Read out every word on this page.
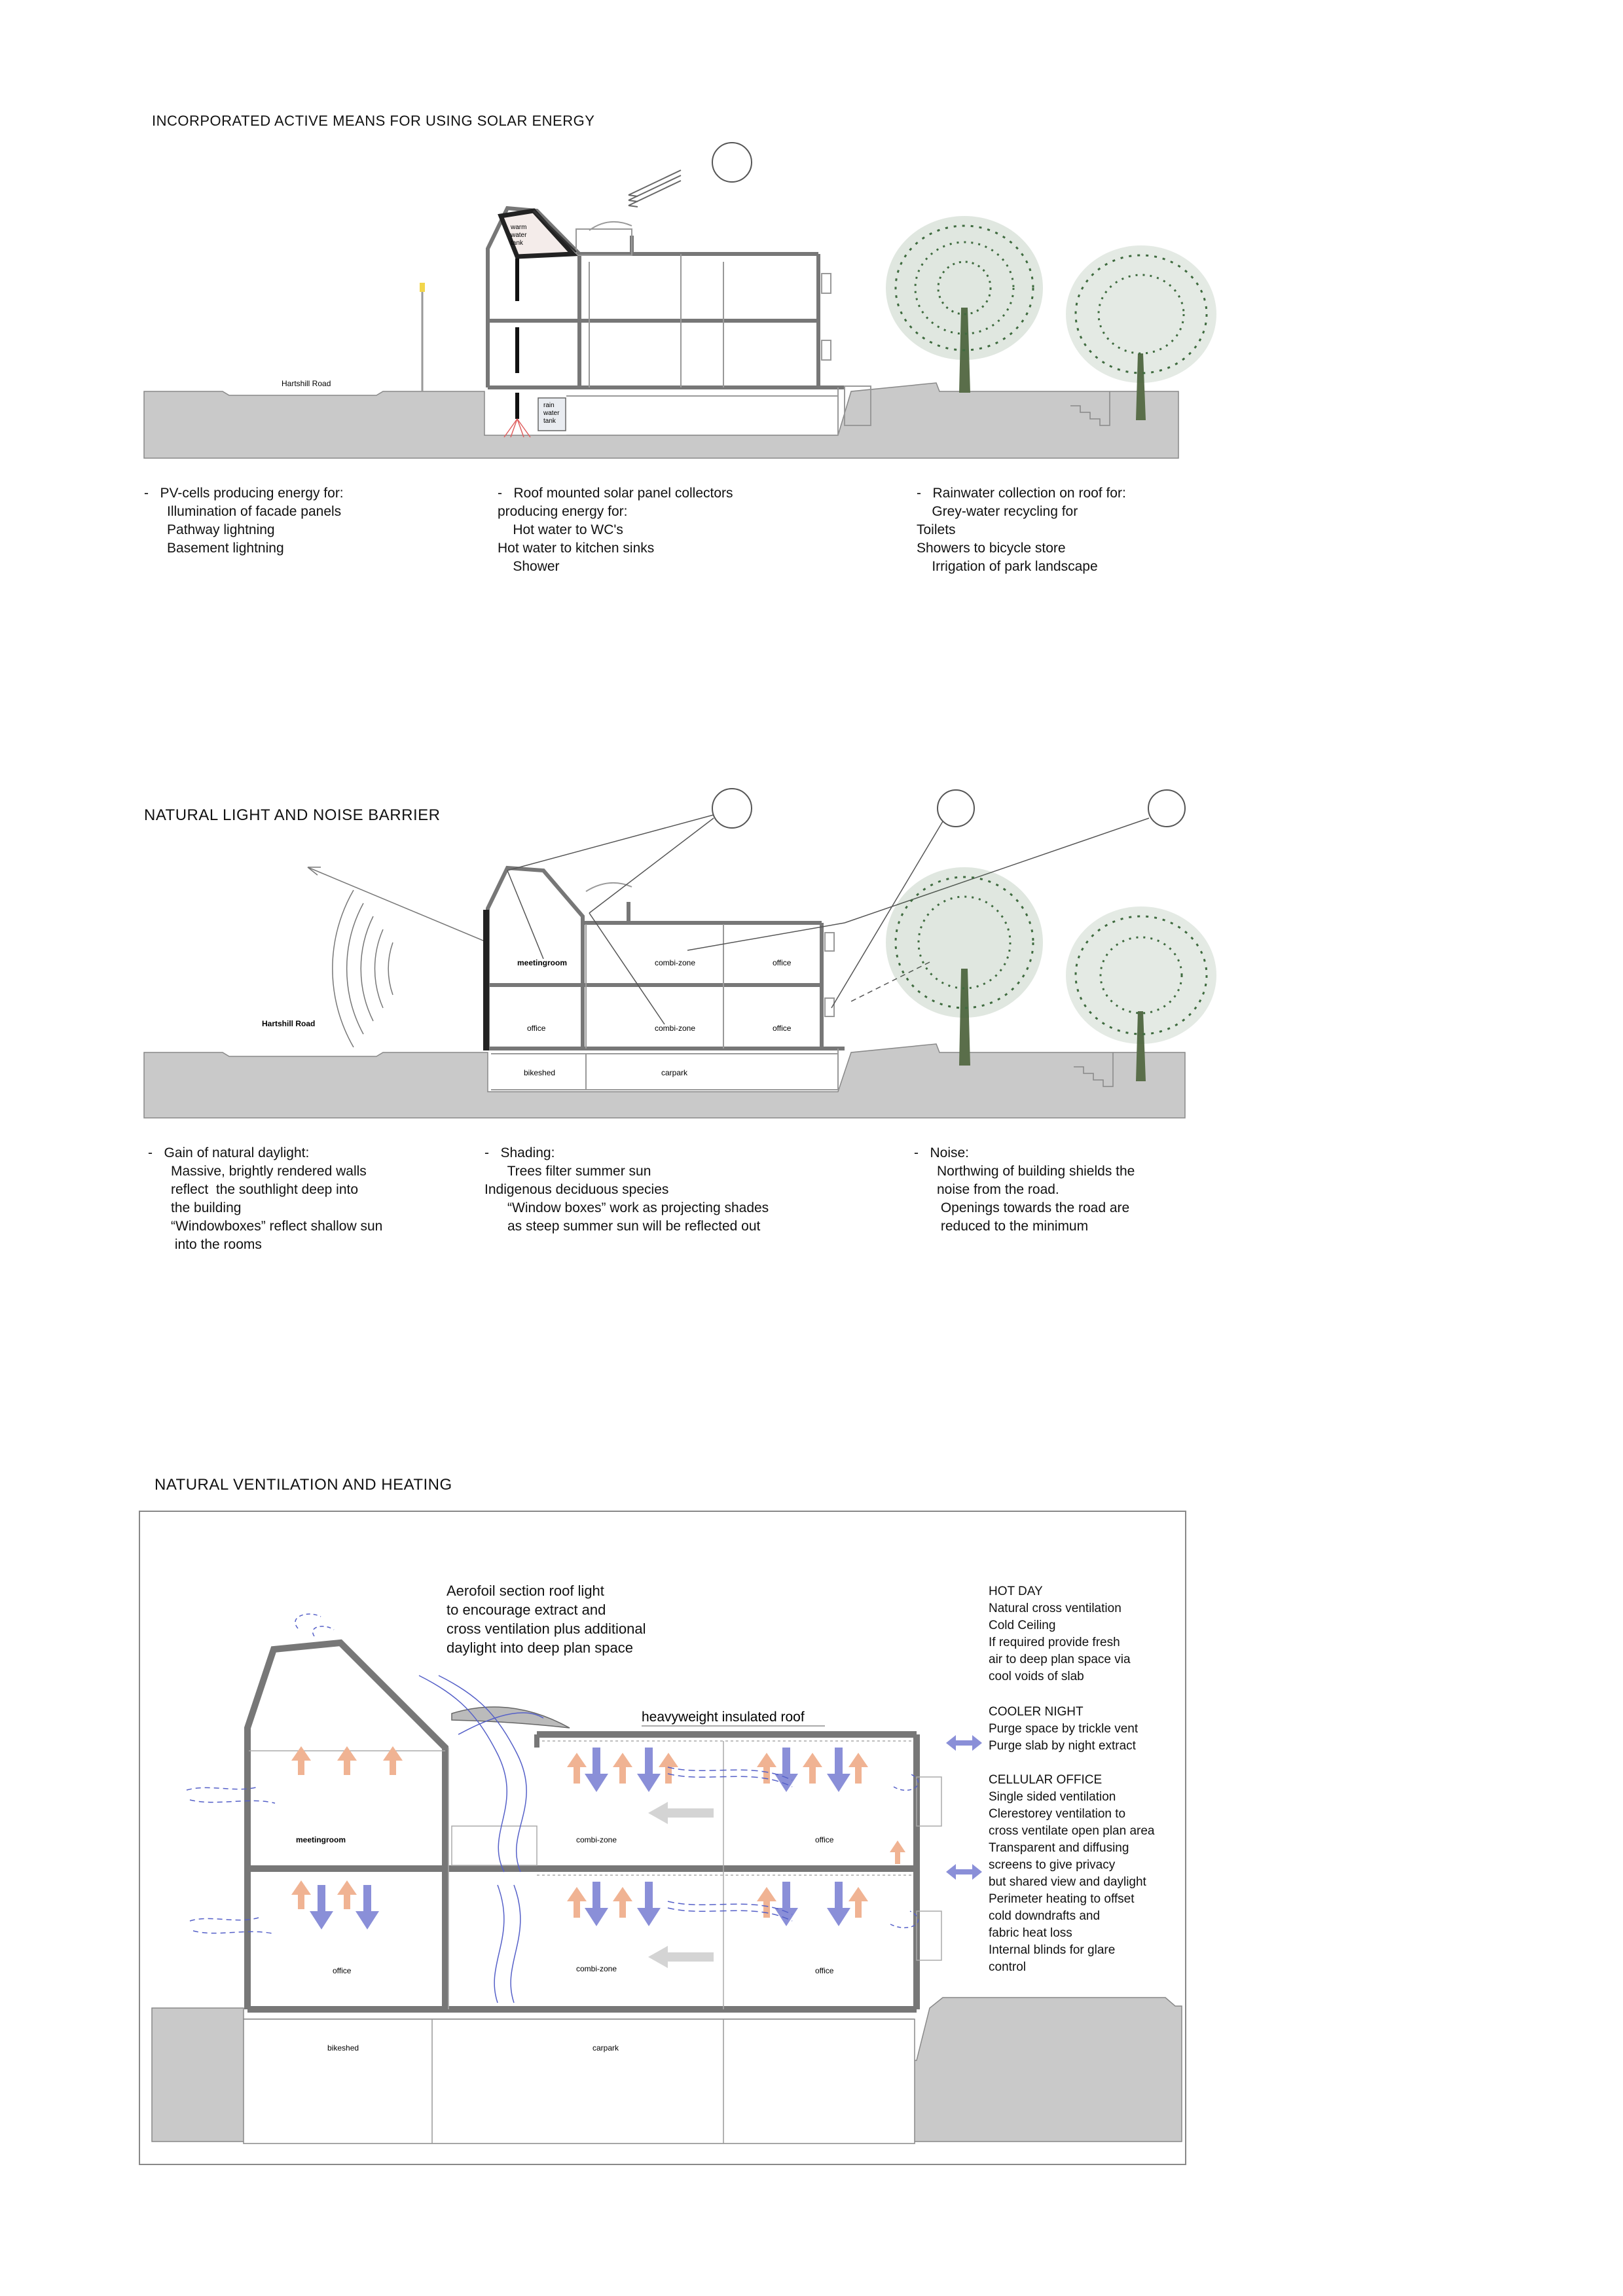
INCORPORATED ACTIVE MEANS FOR USING SOLAR ENERGY
warm
water
tank
rain
water
tank
Hartshill Road
-   PV-cells producing energy for:
Illumination of facade panels
Pathway lightning
Basement lightning
-   Roof mounted solar panel collectors
producing energy for:
Hot water to WC's
Hot water to kitchen sinks
Shower
-   Rainwater collection on roof for:
Grey-water recycling for
Toilets
Showers to bicycle store
Irrigation of park landscape
NATURAL LIGHT AND NOISE BARRIER
Hartshill Road
meetingroom	combi-zone	office
office	combi-zone	office
bikeshed	carpark
-   Gain of natural daylight:
Massive, brightly rendered walls
reflect  the southlight deep into
the building
“Windowboxes” reflect shallow sun
into the rooms
-   Shading:
Trees filter summer sun
Indigenous deciduous species
“Window boxes” work as projecting shades
as steep summer sun will be reflected out
-   Noise:
Northwing of building shields the
noise from the road.
Openings towards the road are
reduced to the minimum
NATURAL VENTILATION AND HEATING
heavyweight insulated roof
meetingroom	combi-zone	office
office	combi-zone	office
bikeshed	carpark
Aerofoil section roof light
to encourage extract and
cross ventilation plus additional
daylight into deep plan space
HOT DAY
Natural cross ventilation
Cold Ceiling
If required provide fresh
air to deep plan space via
cool voids of slab
COOLER NIGHT
Purge space by trickle vent
Purge slab by night extract
CELLULAR OFFICE
Single sided ventilation
Clerestorey ventilation to
cross ventilate open plan area
Transparent and diffusing
screens to give privacy
but shared view and daylight
Perimeter heating to offset
cold downdrafts and
fabric heat loss
Internal blinds for glare
control
